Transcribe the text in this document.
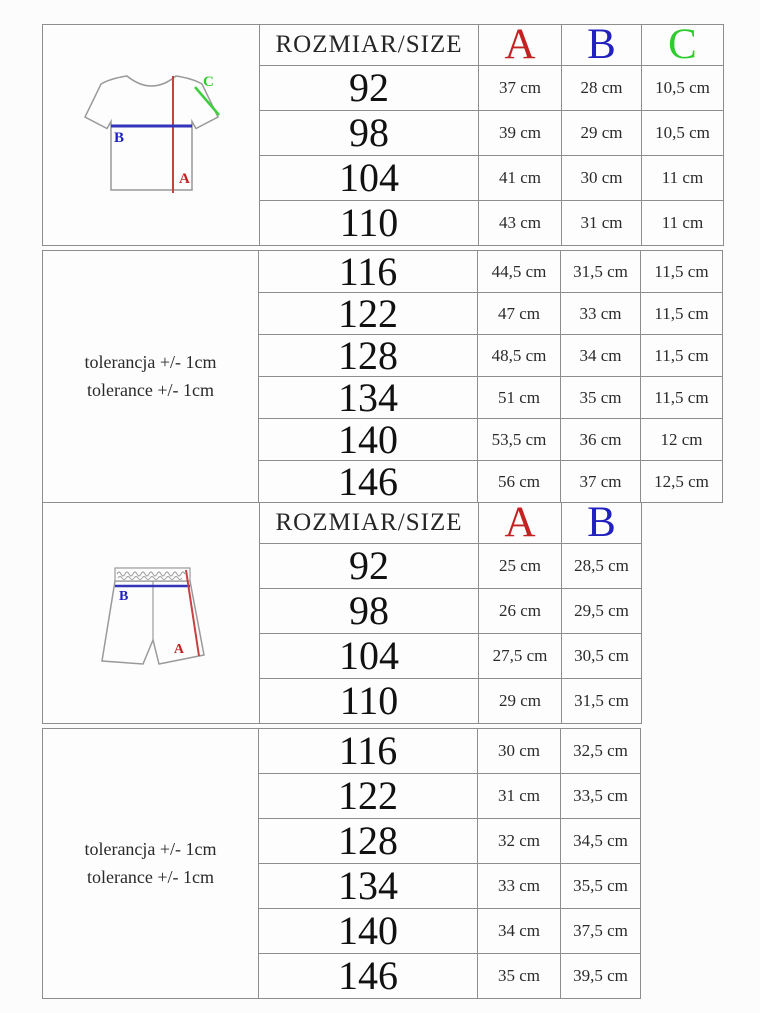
B
A
C	ROZMIAR/SIZE	A	B	C
	92	37 cm	28 cm	10,5 cm
	98	39 cm	29 cm	10,5 cm
	104	41 cm	30 cm	11 cm
	110	43 cm	31 cm	11 cm
tolerancja +/- 1cm
tolerance +/- 1cm	116	44,5 cm	31,5 cm	11,5 cm
	122	47 cm	33 cm	11,5 cm
	128	48,5 cm	34 cm	11,5 cm
	134	51 cm	35 cm	11,5 cm
	140	53,5 cm	36 cm	12 cm
	146	56 cm	37 cm	12,5 cm
B
A	ROZMIAR/SIZE	A	B
	92	25 cm	28,5 cm
	98	26 cm	29,5 cm
	104	27,5 cm	30,5 cm
	110	29 cm	31,5 cm
tolerancja +/- 1cm
tolerance +/- 1cm	116	30 cm	32,5 cm
	122	31 cm	33,5 cm
	128	32 cm	34,5 cm
	134	33 cm	35,5 cm
	140	34 cm	37,5 cm
	146	35 cm	39,5 cm
